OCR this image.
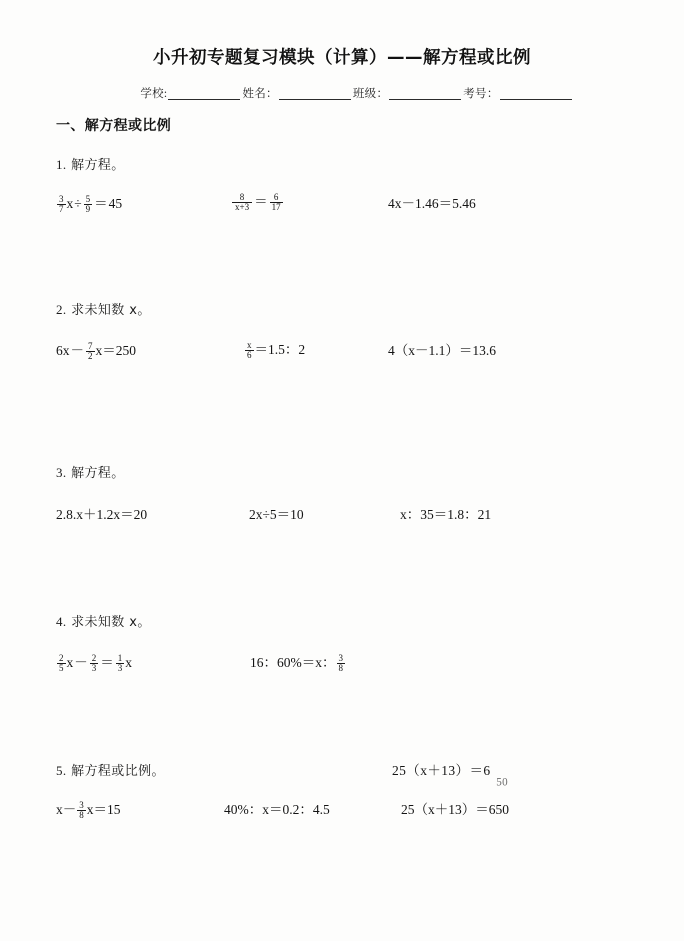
小升初专题复习模块（计算）——解方程或比例
学校:	姓名：	班级：	考号：
一、解方程或比例
1. 解方程。
$\frac{3}{7} x\div \frac{5}{9} =45$	$\frac{8}{x+3} = \frac{6}{17}$	4x－1.46＝5.46
2. 求未知数 x。
$6x- \frac{7}{2} x=250$	$\frac{x}{6} =1.5$：2	4（x－1.1）＝13.6
3. 解方程。
2.8.x＋1.2x＝20	2x÷5＝10	x：35＝1.8：21
4. 求未知数 x。
$\frac{2}{5} x- \frac{2}{3} = \frac{1}{3}$ x	16：60%＝x： $\frac{3}{8}$
5. 解方程或比例。	25（x＋13）＝6
50
$x- \frac{3}{8} x=15$	40%：x＝0.2：4.5	25（x＋13）＝650
